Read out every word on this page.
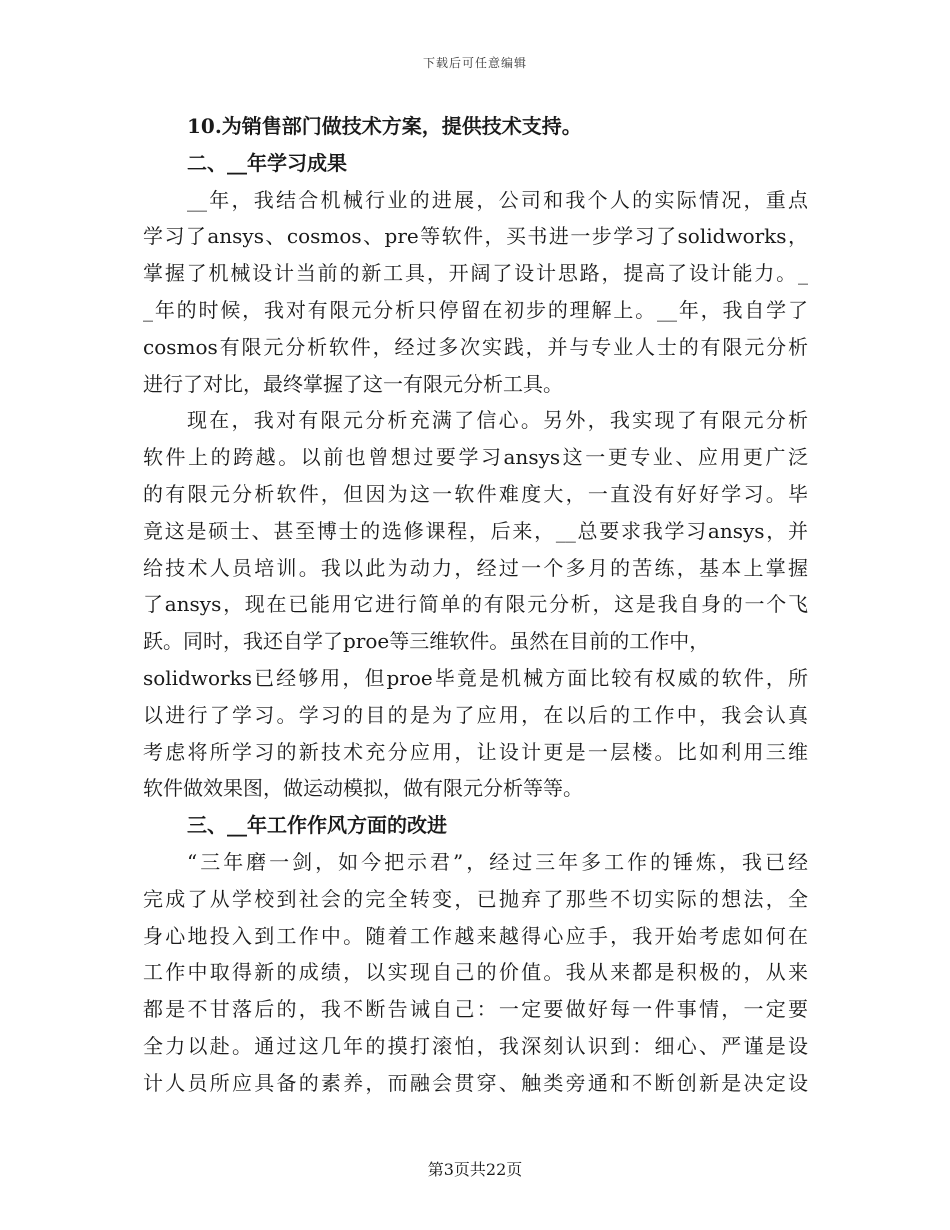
下载后可任意编辑
10.为销售部门做技术方案，提供技术支持。
二、__年学习成果
__年，我结合机械行业的进展，公司和我个人的实际情况，重点
学习了ansys、cosmos、pre等软件，买书进一步学习了solidworks，
掌握了机械设计当前的新工具，开阔了设计思路，提高了设计能力。_
_年的时候，我对有限元分析只停留在初步的理解上。__年，我自学了
cosmos有限元分析软件，经过多次实践，并与专业人士的有限元分析
进行了对比，最终掌握了这一有限元分析工具。
现在，我对有限元分析充满了信心。另外，我实现了有限元分析
软件上的跨越。以前也曾想过要学习ansys这一更专业、应用更广泛
的有限元分析软件，但因为这一软件难度大，一直没有好好学习。毕
竟这是硕士、甚至博士的选修课程，后来，__总要求我学习ansys，并
给技术人员培训。我以此为动力，经过一个多月的苦练，基本上掌握
了ansys，现在已能用它进行简单的有限元分析，这是我自身的一个飞
跃。同时，我还自学了proe等三维软件。虽然在目前的工作中，
solidworks已经够用，但proe毕竟是机械方面比较有权威的软件，所
以进行了学习。学习的目的是为了应用，在以后的工作中，我会认真
考虑将所学习的新技术充分应用，让设计更是一层楼。比如利用三维
软件做效果图，做运动模拟，做有限元分析等等。
三、__年工作作风方面的改进
“三年磨一剑，如今把示君”，经过三年多工作的锤炼，我已经
完成了从学校到社会的完全转变，已抛弃了那些不切实际的想法，全
身心地投入到工作中。随着工作越来越得心应手，我开始考虑如何在
工作中取得新的成绩，以实现自己的价值。我从来都是积极的，从来
都是不甘落后的，我不断告诫自己：一定要做好每一件事情，一定要
全力以赴。通过这几年的摸打滚怕，我深刻认识到：细心、严谨是设
计人员所应具备的素养，而融会贯穿、触类旁通和不断创新是决定设
第3页共22页
